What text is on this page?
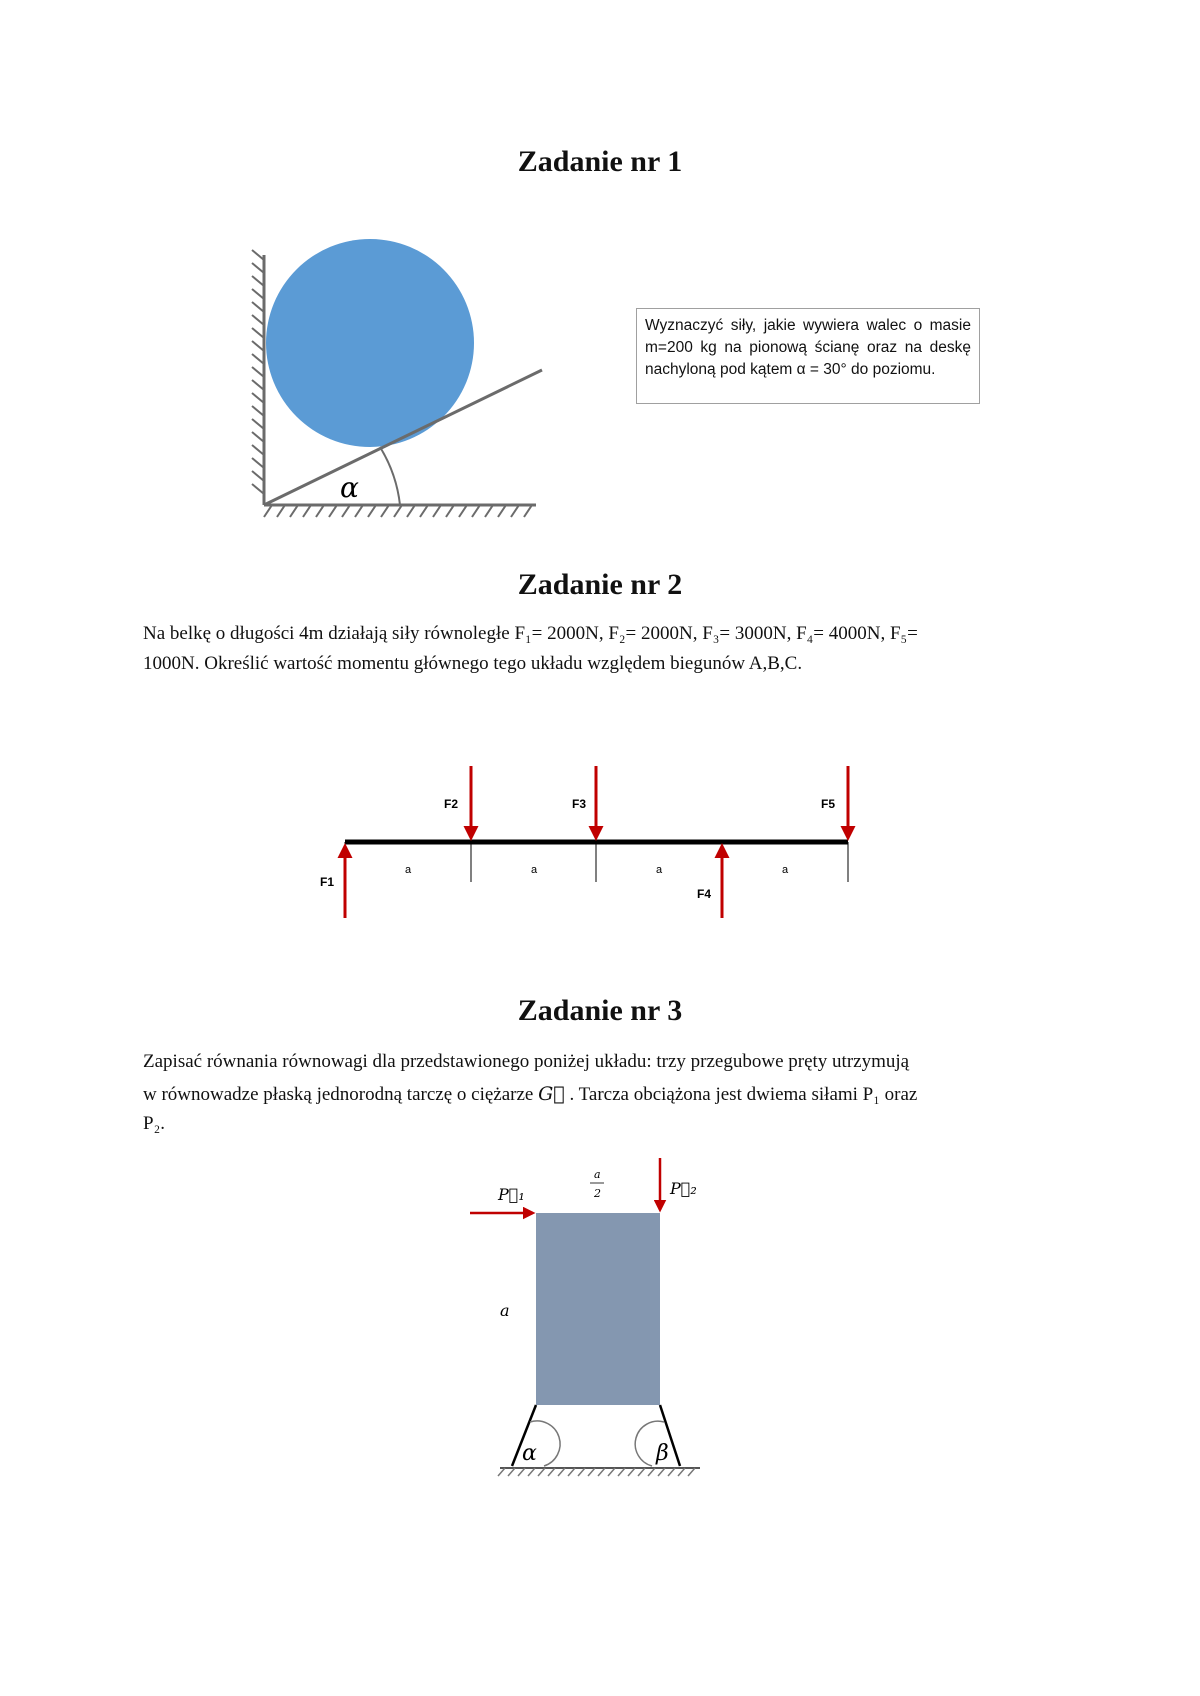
Zadanie nr 1
α
Wyznaczyć siły, jakie wywiera walec o masie m=200 kg na pionową ścianę oraz na deskę nachyloną pod kątem α = 30° do poziomu.
Zadanie nr 2

Na belkę o długości 4m działają siły równoległe F₁= 2000N, F₂= 2000N, F₃= 3000N, F₄= 4000N, F₅=

1000N. Określić wartość momentu głównego tego układu względem biegunów A,B,C.

a	a	a	a
F1
F2	F3
F4
F5
Zadanie nr 3

Zapisać równania równowagi dla przedstawionego poniżej układu: trzy przegubowe pręty utrzymują

w równowadze płaską jednorodną tarczę o ciężarze G⃗ . Tarcza obciążona jest dwiema siłami P₁ oraz

P₂.

α	β
P⃗₁	P⃗₂
a
2
a
